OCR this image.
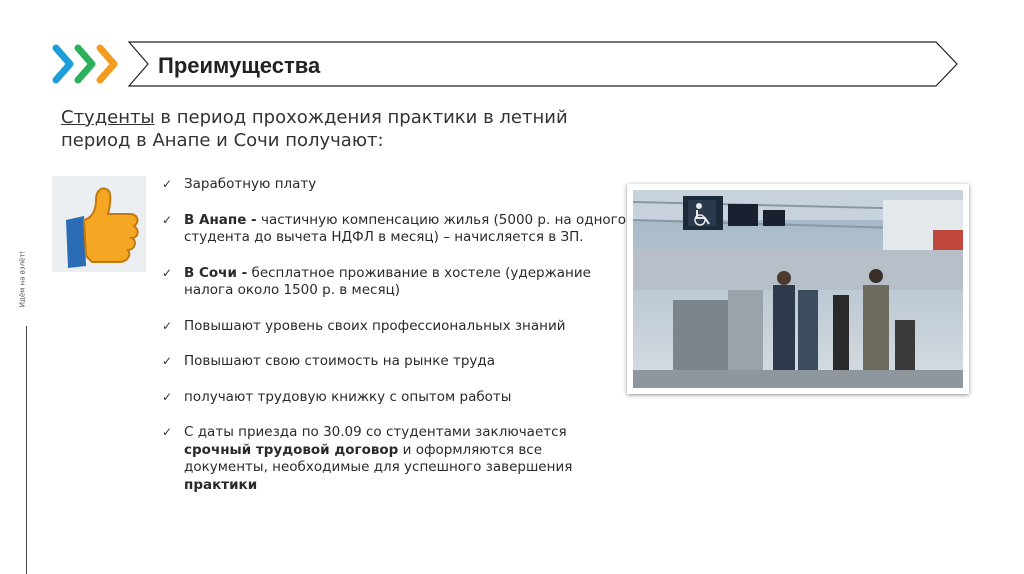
Идём на взлёт!
Преимущества
Студенты в период прохождения практики в летний период в Анапе и Сочи получают:
✓ Заработную плату
✓ В Анапе - частичную компенсацию жилья (5000 р. на одного студента до вычета НДФЛ в месяц) – начисляется в ЗП.
✓ В Сочи - бесплатное проживание в хостеле (удержание налога около 1500 р. в месяц)
✓ Повышают уровень своих профессиональных знаний
✓ Повышают свою стоимость на рынке труда
✓ получают трудовую книжку с опытом работы
✓ С даты приезда по 30.09 со студентами заключается срочный трудовой договор и оформляются все документы, необходимые для успешного завершения практики
